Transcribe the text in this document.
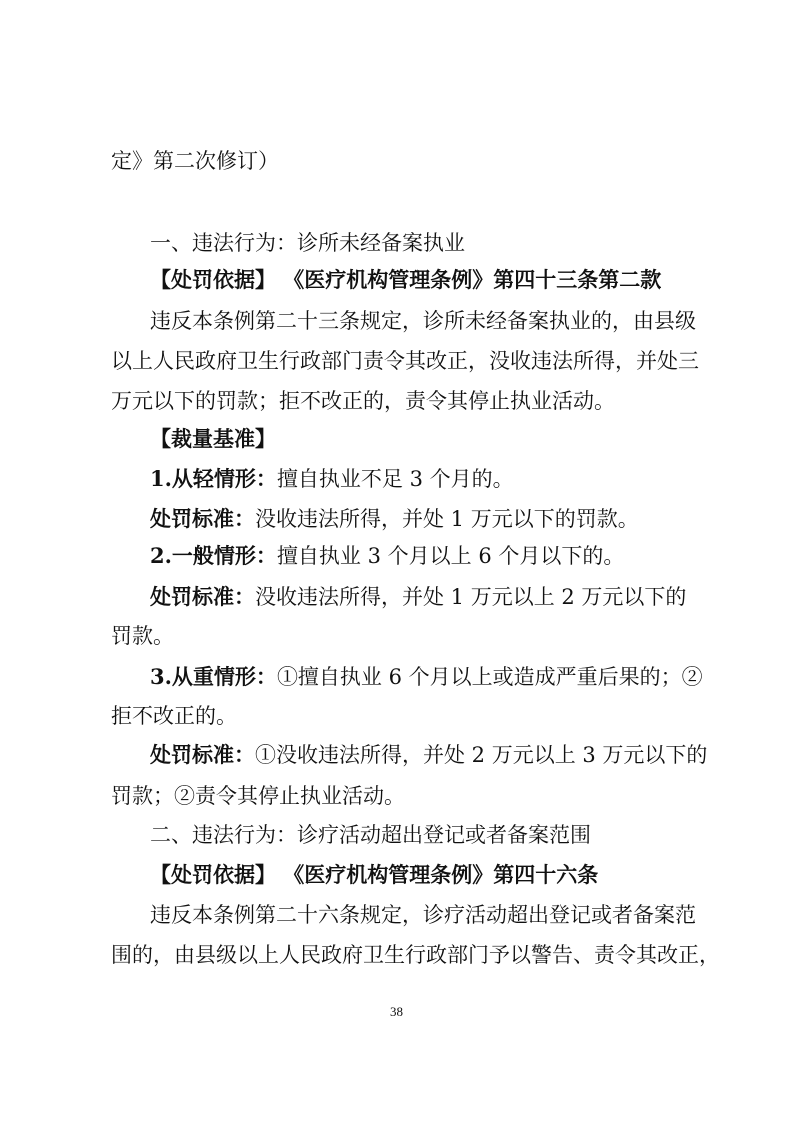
定》第二次修订）
一、违法行为：诊所未经备案执业
【处罚依据】 《医疗机构管理条例》第四十三条第二款
违反本条例第二十三条规定，诊所未经备案执业的，由县级
以上人民政府卫生行政部门责令其改正，没收违法所得，并处三
万元以下的罚款；拒不改正的，责令其停止执业活动。
【裁量基准】
1.从轻情形：擅自执业不足 3 个月的。
处罚标准：没收违法所得，并处 1 万元以下的罚款。
2.一般情形：擅自执业 3 个月以上 6 个月以下的。
处罚标准：没收违法所得，并处 1 万元以上 2 万元以下的
罚款。
3.从重情形：①擅自执业 6 个月以上或造成严重后果的；②
拒不改正的。
处罚标准：①没收违法所得，并处 2 万元以上 3 万元以下的
罚款；②责令其停止执业活动。
二、违法行为：诊疗活动超出登记或者备案范围
【处罚依据】 《医疗机构管理条例》第四十六条
违反本条例第二十六条规定，诊疗活动超出登记或者备案范
围的，由县级以上人民政府卫生行政部门予以警告、责令其改正，
38
